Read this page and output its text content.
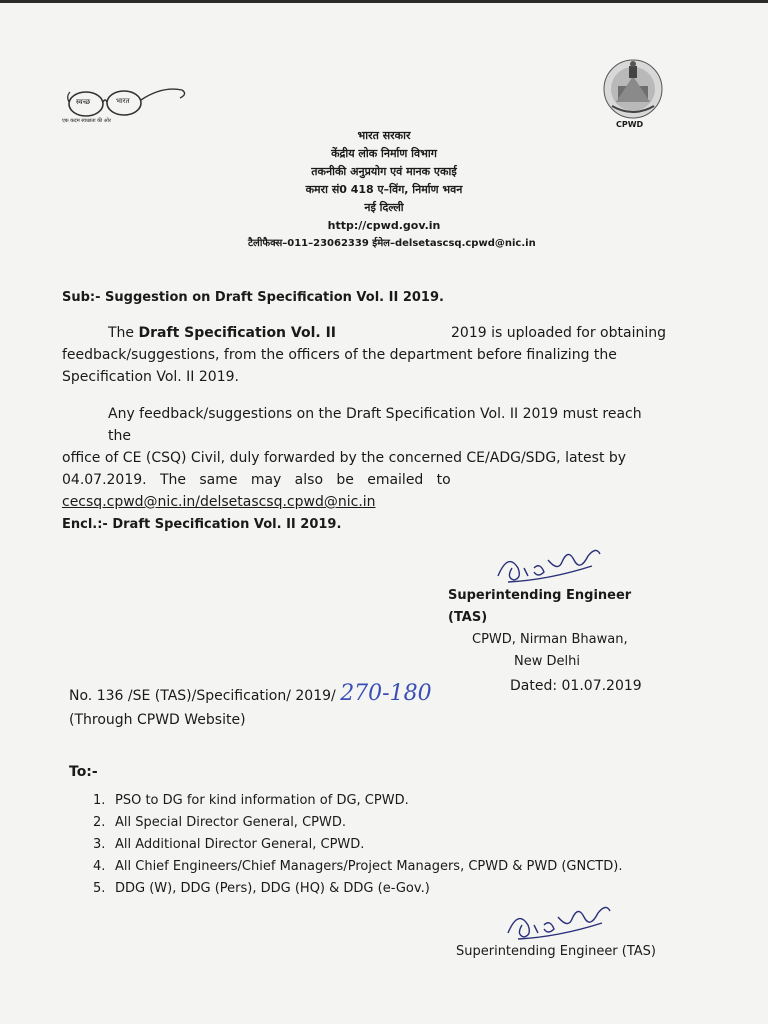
स्वच्छ	भारत
एक कदम स्वच्छता की ओर	CPWD
भारत सरकार
केंद्रीय लोक निर्माण विभाग
तकनीकी अनुप्रयोग एवं मानक एकाई
कमरा सं0 418 ए–विंग, निर्माण भवन
नई दिल्ली
http://cpwd.gov.in
टैलीफैक्स–011–23062339 ईमेल–delsetascsq.cpwd@nic.in
Sub:- Suggestion on Draft Specification Vol. II 2019.
The Draft Specification Vol. II	2019 is uploaded for obtaining
feedback/suggestions, from the officers of the department before finalizing the
Specification Vol. II 2019.
Any feedback/suggestions on the Draft Specification Vol. II 2019 must reach the
office of CE (CSQ) Civil, duly forwarded by the concerned CE/ADG/SDG, latest by
04.07.2019.   The   same   may   also   be   emailed   to
cecsq.cpwd@nic.in/delsetascsq.cpwd@nic.in
Encl.:- Draft Specification Vol. II 2019.
Superintending Engineer (TAS)
CPWD, Nirman Bhawan,
New Delhi
No. 136 /SE (TAS)/Specification/ 2019/ 270-180
(Through CPWD Website)
Dated: 01.07.2019
To:-
1. PSO to DG for kind information of DG, CPWD.
2. All Special Director General, CPWD.
3. All Additional Director General, CPWD.
4. All Chief Engineers/Chief Managers/Project Managers, CPWD & PWD (GNCTD).
5. DDG (W), DDG (Pers), DDG (HQ) & DDG (e-Gov.)
Superintending Engineer (TAS)
